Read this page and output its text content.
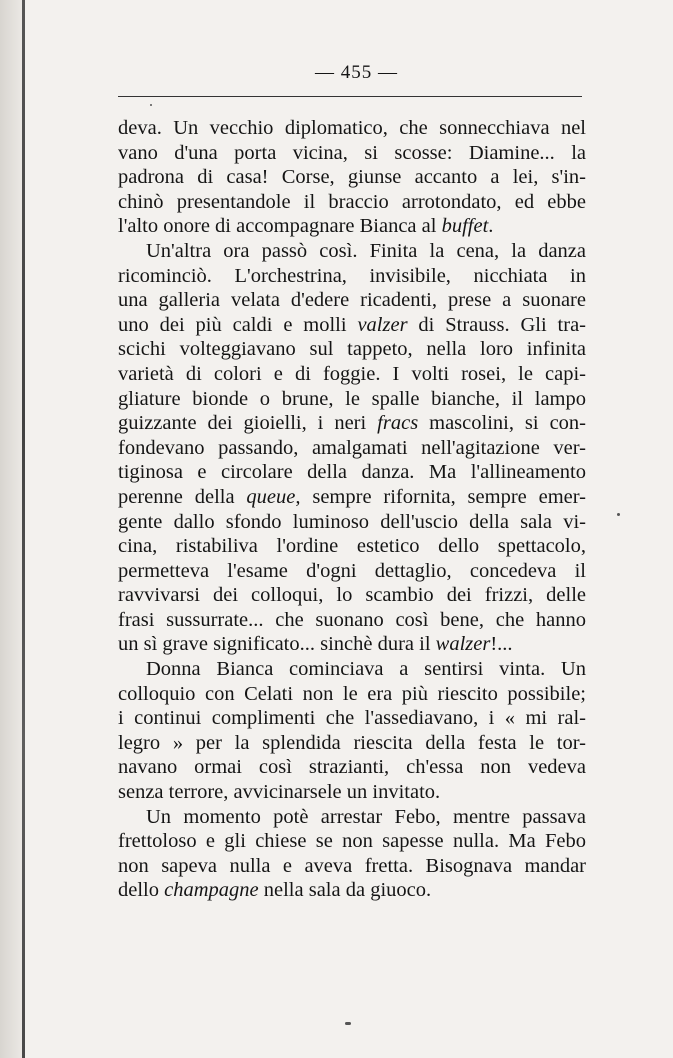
— 455 —
deva. Un vecchio diplomatico, che sonnecchiava nel
vano d'una porta vicina, si scosse: Diamine... la
padrona di casa! Corse, giunse accanto a lei, s'in-
chinò presentandole il braccio arrotondato, ed ebbe
l'alto onore di accompagnare Bianca al buffet.
Un'altra ora passò così. Finita la cena, la danza
ricominciò. L'orchestrina, invisibile, nicchiata in
una galleria velata d'edere ricadenti, prese a suonare
uno dei più caldi e molli valzer di Strauss. Gli tra-
scichi volteggiavano sul tappeto, nella loro infinita
varietà di colori e di foggie. I volti rosei, le capi-
gliature bionde o brune, le spalle bianche, il lampo
guizzante dei gioielli, i neri fracs mascolini, si con-
fondevano passando, amalgamati nell'agitazione ver-
tiginosa e circolare della danza. Ma l'allineamento
perenne della queue, sempre rifornita, sempre emer-
gente dallo sfondo luminoso dell'uscio della sala vi-
cina, ristabiliva l'ordine estetico dello spettacolo,
permetteva l'esame d'ogni dettaglio, concedeva il
ravvivarsi dei colloqui, lo scambio dei frizzi, delle
frasi sussurrate... che suonano così bene, che hanno
un sì grave significato... sinchè dura il walzer!...
Donna Bianca cominciava a sentirsi vinta. Un
colloquio con Celati non le era più riescito possibile;
i continui complimenti che l'assediavano, i « mi ral-
legro » per la splendida riescita della festa le tor-
navano ormai così strazianti, ch'essa non vedeva
senza terrore, avvicinarsele un invitato.
Un momento potè arrestar Febo, mentre passava
frettoloso e gli chiese se non sapesse nulla. Ma Febo
non sapeva nulla e aveva fretta. Bisognava mandar
dello champagne nella sala da giuoco.
